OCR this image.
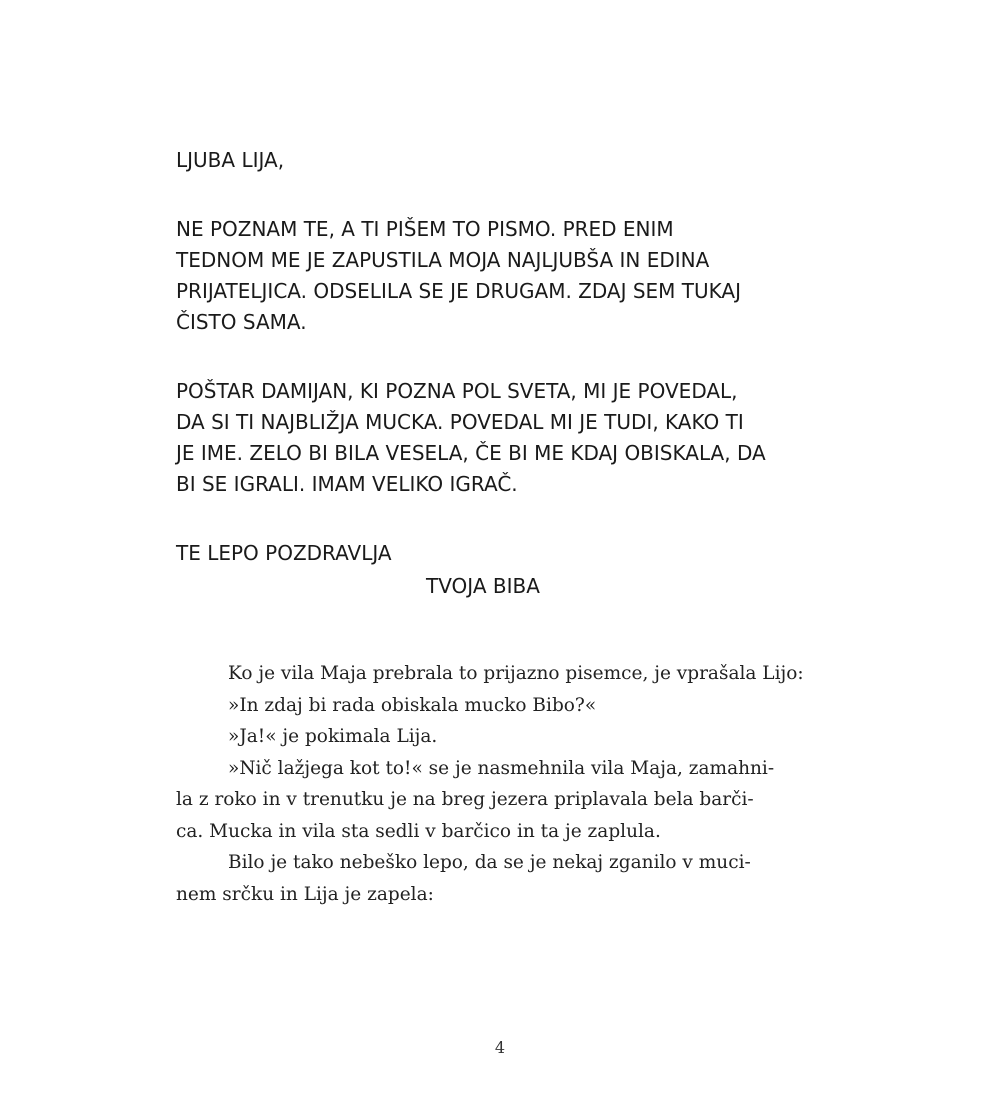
LJUBA LIJA,
NE POZNAM TE, A TI PIŠEM TO PISMO. PRED ENIM
TEDNOM ME JE ZAPUSTILA MOJA NAJLJUBŠA IN EDINA
PRIJATELJICA. ODSELILA SE JE DRUGAM. ZDAJ SEM TUKAJ
ČISTO SAMA.
POŠTAR DAMIJAN, KI POZNA POL SVETA, MI JE POVEDAL,
DA SI TI NAJBLIŽJA MUCKA. POVEDAL MI JE TUDI, KAKO TI
JE IME. ZELO BI BILA VESELA, ČE BI ME KDAJ OBISKALA, DA
BI SE IGRALI. IMAM VELIKO IGRAČ.
TE LEPO POZDRAVLJA
TVOJA BIBA
Ko je vila Maja prebrala to prijazno pisemce, je vprašala Lijo:
»In zdaj bi rada obiskala mucko Bibo?«
»Ja!« je pokimala Lija.
»Nič lažjega kot to!« se je nasmehnila vila Maja, zamahni-
la z roko in v trenutku je na breg jezera priplavala bela barči-
ca. Mucka in vila sta sedli v barčico in ta je zaplula.
Bilo je tako nebeško lepo, da se je nekaj zganilo v muci-
nem srčku in Lija je zapela:
4
